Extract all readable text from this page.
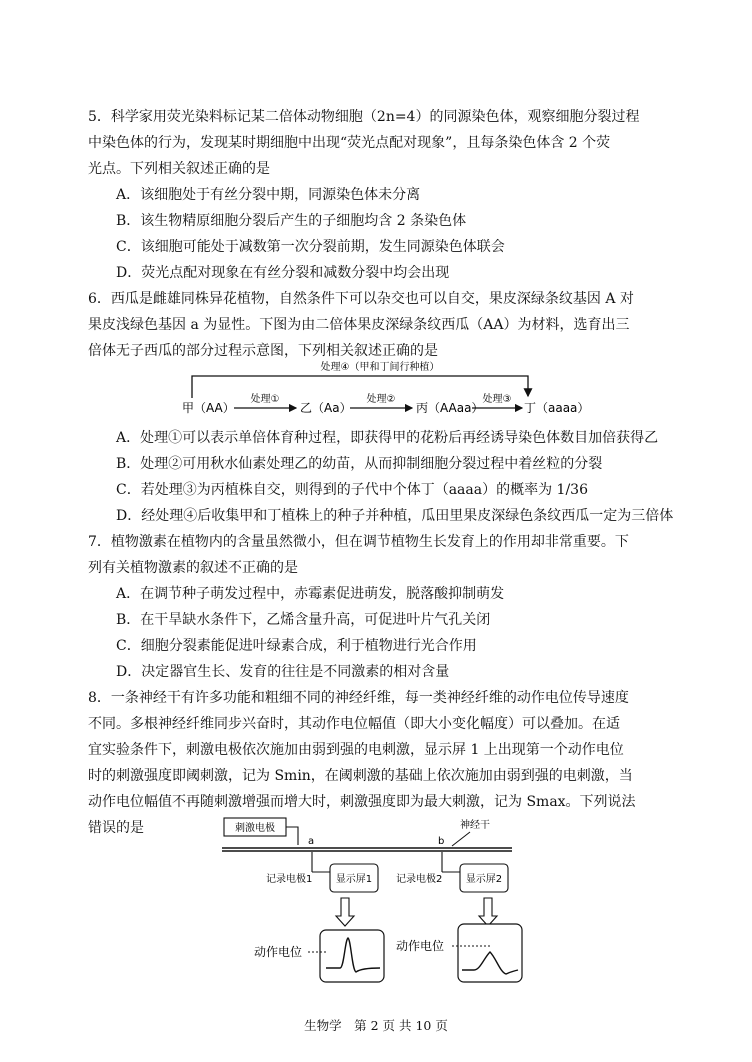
5．科学家用荧光染料标记某二倍体动物细胞（2n=4）的同源染色体，观察细胞分裂过程
中染色体的行为，发现某时期细胞中出现“荧光点配对现象”，且每条染色体含 2 个荧
光点。下列相关叙述正确的是
A．该细胞处于有丝分裂中期，同源染色体未分离
B．该生物精原细胞分裂后产生的子细胞均含 2 条染色体
C．该细胞可能处于减数第一次分裂前期，发生同源染色体联会
D．荧光点配对现象在有丝分裂和减数分裂中均会出现
6．西瓜是雌雄同株异花植物，自然条件下可以杂交也可以自交，果皮深绿条纹基因 A 对
果皮浅绿色基因 a 为显性。下图为由二倍体果皮深绿条纹西瓜（AA）为材料，选育出三
倍体无子西瓜的部分过程示意图，下列相关叙述正确的是
处理④（甲和丁间行种植）
甲（AA）
处理①
乙（Aa）
处理②
丙（AAaa）
处理③
丁（aaaa）
A．处理①可以表示单倍体育种过程，即获得甲的花粉后再经诱导染色体数目加倍获得乙
B．处理②可用秋水仙素处理乙的幼苗，从而抑制细胞分裂过程中着丝粒的分裂
C．若处理③为丙植株自交，则得到的子代中个体丁（aaaa）的概率为 1/36
D．经处理④后收集甲和丁植株上的种子并种植，瓜田里果皮深绿色条纹西瓜一定为三倍体
7．植物激素在植物内的含量虽然微小，但在调节植物生长发育上的作用却非常重要。下
列有关植物激素的叙述不正确的是
A．在调节种子萌发过程中，赤霉素促进萌发，脱落酸抑制萌发
B．在干旱缺水条件下，乙烯含量升高，可促进叶片气孔关闭
C．细胞分裂素能促进叶绿素合成，利于植物进行光合作用
D．决定器官生长、发育的往往是不同激素的相对含量
8．一条神经干有许多功能和粗细不同的神经纤维，每一类神经纤维的动作电位传导速度
不同。多根神经纤维同步兴奋时，其动作电位幅值（即大小变化幅度）可以叠加。在适
宜实验条件下，刺激电极依次施加由弱到强的电刺激，显示屏 1 上出现第一个动作电位
时的刺激强度即阈刺激，记为 Smin，在阈刺激的基础上依次施加由弱到强的电刺激，当
动作电位幅值不再随刺激增强而增大时，刺激强度即为最大刺激，记为 Smax。下列说法
错误的是	刺激电极	神经干
a	b
记录电极1 显示屏1 记录电极2 显示屏2
动作电位	动作电位
生物学　第 2 页 共 10 页
